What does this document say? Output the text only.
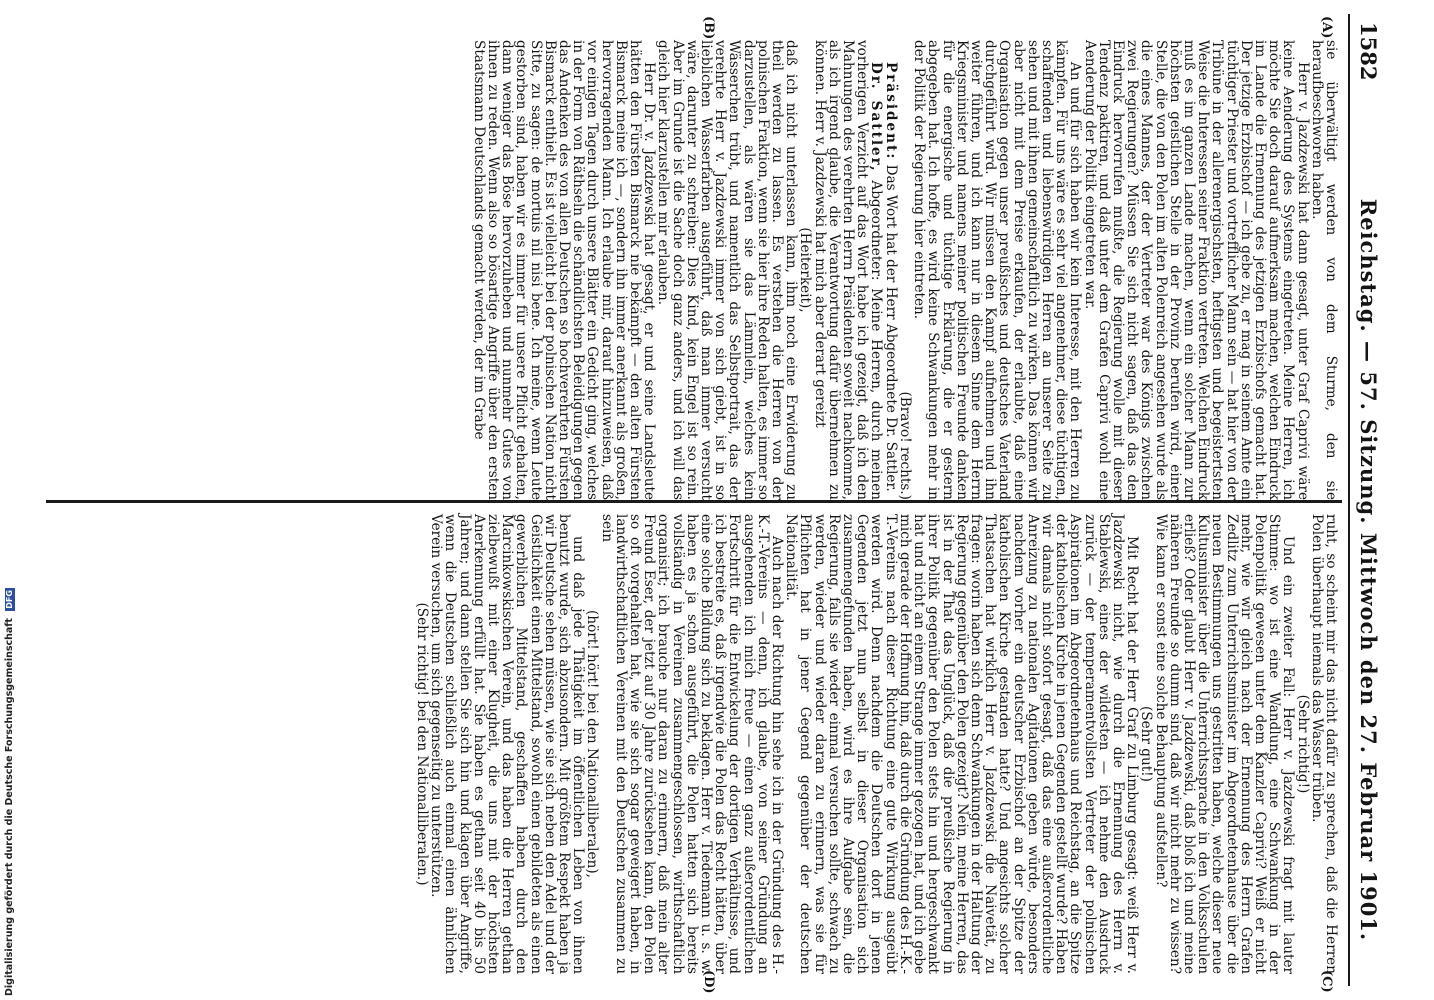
1582
Reichstag. — 57. Sitzung. Mittwoch den 27. Februar 1901.
(A)
(B)
(C)
(D)

sie überwältigt werden von dem Sturme, den sie heraufbeschworen haben.

Herr v. Jazdzewski hat dann gesagt, unter Graf Caprivi wäre keine Aenderung des Systems eingetreten. Meine Herren, ich möchte Sie doch darauf aufmerksam machen, welchen Eindruck im Lande die Ernennung des jetzigen Erzbischofs gemacht hat. Der jetzige Erzbischof — ich gebe zu, er mag in seinem Amte ein tüchtiger Priester und vortrefflicher Mann sein — hat hier von der Tribüne in der allerenergischsten, heftigsten und begeistertsten Weise die Interessen seiner Fraktion vertreten. Welchen Eindruck muß es im ganzen Lande machen, wenn ein solcher Mann zur höchsten geistlichen Stelle in der Provinz berufen wird, einer Stelle, die von den Polen im alten Polenreich angesehen wurde als die eines Mannes, der der Vertreter war des Königs zwischen zwei Regierungen? Müssen Sie sich nicht sagen, daß das den Eindruck hervorrufen mußte, die Regierung wolle mit dieser Tendenz paktiren, und daß unter dem Grafen Caprivi wohl eine Aenderung der Politik eingetreten war.

An und für sich haben wir kein Interesse, mit den Herren zu kämpfen. Für uns wäre es sehr viel angenehmer, diese tüchtigen, schaffenden und liebenswürdigen Herren an unserer Seite zu sehen und mit ihnen gemeinschaftlich zu wirken. Das können wir aber nicht mit dem Preise erkaufen, der erlaubte, daß eine Organisation gegen unser preußisches und deutsches Vaterland durchgeführt wird. Wir müssen den Kampf aufnehmen und ihn weiter führen, und ich kann nur in diesem Sinne dem Herrn Kriegsminister und namens meiner politischen Freunde danken für die energische und tüchtige Erklärung, die er gestern abgegeben hat. Ich hoffe, es wird keine Schwankungen mehr in der Politik der Regierung hier eintreten.

(Bravo! rechts.)

Präsident: Das Wort hat der Herr Abgeordnete Dr. Sattler.

Dr. Sattler, Abgeordneter: Meine Herren, durch meinen vorherigen Verzicht auf das Wort habe ich gezeigt, daß ich den Mahnungen des verehrten Herrn Präsidenten soweit nachkomme, als ich irgend glaube, die Verantwortung dafür übernehmen zu können. Herr v. Jazdzewski hat mich aber derart gereizt

(Heiterkeit),

daß ich nicht unterlassen kann, ihm noch eine Erwiderung zu theil werden zu lassen. Es verstehen die Herren von der polnischen Fraktion, wenn sie hier ihre Reden halten, es immer so darzustellen, als wären sie das Lämmlein, welches kein Wässerchen trübt, und namentlich das Selbstportrait, das der verehrte Herr v. Jazdzewski immer von sich giebt, ist in so lieblichen Wasserfarben ausgeführt, daß man immer versucht wäre, darunter zu schreiben: Dies Kind, kein Engel ist so rein. Aber im Grunde ist die Sache doch ganz anders, und ich will das gleich hier klarzustellen mir erlauben.

Herr Dr. v. Jazdzewski hat gesagt, er und seine Landsleute hätten den Fürsten Bismarck nie bekämpft — den alten Fürsten Bismarck meine ich —, sondern ihn immer anerkannt als großen, hervorragenden Mann. Ich erlaube mir, darauf hinzuweisen, daß vor einigen Tagen durch unsere Blätter ein Gedicht ging, welches in der Form von Räthseln die schändlichsten Beleidigungen gegen das Andenken des von allen Deutschen so hochverehrten Fürsten Bismarck enthielt. Es ist vielleicht bei der polnischen Nation nicht Sitte, zu sagen: de mortuis nil nisi bene. Ich meine, wenn Leute gestorben sind, haben wir es immer für unsere Pflicht gehalten, dann weniger das Böse hervorzuheben und nunmehr Gutes von ihnen zu reden. Wenn also so bösartige Angriffe über den ersten Staatsmann Deutschlands gemacht werden, der im Grabe

ruht, so scheint mir das nicht dafür zu sprechen, daß die Herren Polen überhaupt niemals das Wasser trüben.

(Sehr richtig!)

Und ein zweiter Fall: Herr v. Jazdzewski fragt mit lauter Stimme: wo ist eine Wandlung, eine Schwankung in der Polenpolitik gewesen unter dem Kanzler Caprivi? Weiß er nicht mehr, wie wir gleich nach der Ernennung des Herrn Grafen Zedlitz zum Unterrichtsminister im Abgeordnetenhause über die neuen Bestimmungen uns gestritten haben, welche dieser neue Kultusminister über die Unterrichtssprache in den Volksschulen erließ? Oder glaubt Herr v. Jazdzewski, daß bloß ich und meine näheren Freunde so dumm sind, daß wir nicht mehr zu wissen? Wie kann er sonst eine solche Behauptung aufstellen?

(Sehr gut!)

Mit Recht hat der Herr Graf zu Limburg gesagt: weiß Herr v. Jazdzewski nicht, wie durch die Ernennung des Herrn v. Stablewski, eines der wildesten — ich nehme den Ausdruck zurück — der temperamentvollsten Vertreter der polnischen Aspirationen im Abgeordnetenhaus und Reichstag, an die Spitze der katholischen Kirche in jenen Gegenden gestellt wurde? Haben wir damals nicht sofort gesagt, daß das eine außerordentliche Anreizung zu nationalen Agitationen geben würde, besonders nachdem vorher ein deutscher Erzbischof an der Spitze der katholischen Kirche gestanden hatte? Und angesichts solcher Thatsachen hat wirklich Herr v. Jazdzewski die Naivetät, zu fragen: worin haben sich denn Schwankungen in der Haltung der Regierung gegenüber den Polen gezeigt? Nein, meine Herren, das ist in der That das Unglück, daß die preußische Regierung in ihrer Politik gegenüber den Polen stets hin und hergeschwankt hat und nicht an einem Strange immer gezogen hat, und ich gebe mich gerade der Hoffnung hin, daß durch die Gründung des H.-K.-T.-Vereins nach dieser Richtung eine gute Wirkung ausgeübt werden wird. Denn nachdem die Deutschen dort in jenen Gegenden jetzt nun selbst in dieser Organisation sich zusammengefunden haben, wird es ihre Aufgabe sein, die Regierung, falls sie wieder einmal versuchen sollte, schwach zu werden, wieder und wieder daran zu erinnern, was sie für Pflichten hat in jener Gegend gegenüber der deutschen Nationalität.

Auch nach der Richtung hin sehe ich in der Gründung des H.-K.-T.-Vereins — denn, ich glaube, von seiner Gründung an ausgehenden ich mich freue — einen ganz außerordentlichen Fortschritt für die Entwickelung der dortigen Verhältnisse, und ich bestreite es, daß irgendwie die Polen das Recht hätten, über eine solche Bildung sich zu beklagen. Herr v. Tiedemann u. s. w. haben es ja schon ausgeführt, die Polen hatten sich bereits vollständig in Vereinen zusammengeschlossen, wirthschaftlich organisirt; ich brauche nur daran zu erinnern, daß mein alter Freund Eser, der jetzt auf 30 Jahre zurücksehen kann, den Polen so oft vorgehalten hat, wie sie sich sogar geweigert haben, in landwirthschaftlichen Vereinen mit den Deutschen zusammen zu sein

(hört! hört! bei den Nationalliberalen),

und daß jede Thätigkeit im öffentlichen Leben von ihnen benutzt wurde, sich abzusondern. Mit größtem Respekt haben ja wir Deutsche sehen müssen, wie sie sich neben den Adel und der Geistlichkeit einen Mittelstand, sowohl einen gebildeten als einen gewerblichen Mittelstand, geschaffen haben durch den Marcinkowskischen Verein, und das haben die Herren gethan zielbewußt mit einer Klugheit, die uns mit der höchsten Anerkennung erfüllt hat. Sie haben es gethan seit 40 bis 50 Jahren; und dann stellen Sie sich hin und klagen über Angriffe, wenn die Deutschen schließlich auch einmal einen ähnlichen Verein versuchen, um sich gegenseitig zu unterstützen.

(Sehr richtig! bei den Nationalliberalen.)

Digitalisierung gefördert durch die Deutsche Forschungsgemeinschaft DFG
